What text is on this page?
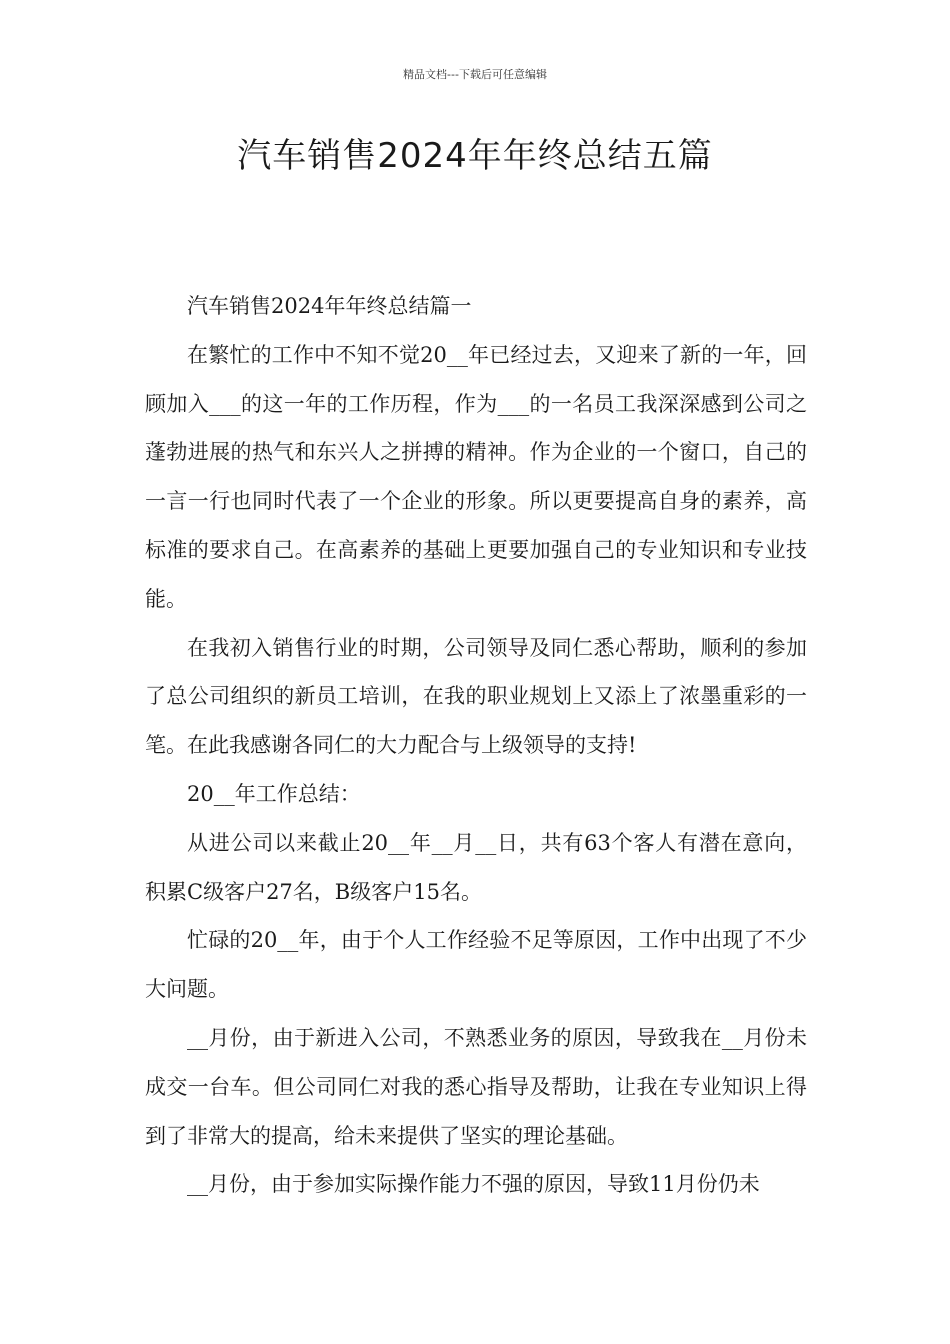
精品文档---下载后可任意编辑
汽车销售2024年年终总结五篇

汽车销售2024年年终总结篇一

在繁忙的工作中不知不觉20__年已经过去，又迎来了新的一年，回顾加入___的这一年的工作历程，作为___的一名员工我深深感到公司之蓬勃进展的热气和东兴人之拼搏的精神。作为企业的一个窗口，自己的一言一行也同时代表了一个企业的形象。所以更要提高自身的素养，高标准的要求自己。在高素养的基础上更要加强自己的专业知识和专业技能。

在我初入销售行业的时期，公司领导及同仁悉心帮助，顺利的参加了总公司组织的新员工培训，在我的职业规划上又添上了浓墨重彩的一笔。在此我感谢各同仁的大力配合与上级领导的支持!

20__年工作总结：

从进公司以来截止20__年__月__日，共有63个客人有潜在意向，积累C级客户27名，B级客户15名。

忙碌的20__年，由于个人工作经验不足等原因，工作中出现了不少大问题。

__月份，由于新进入公司，不熟悉业务的原因，导致我在__月份未成交一台车。但公司同仁对我的悉心指导及帮助，让我在专业知识上得到了非常大的提高，给未来提供了坚实的理论基础。

__月份，由于参加实际操作能力不强的原因，导致11月份仍未
